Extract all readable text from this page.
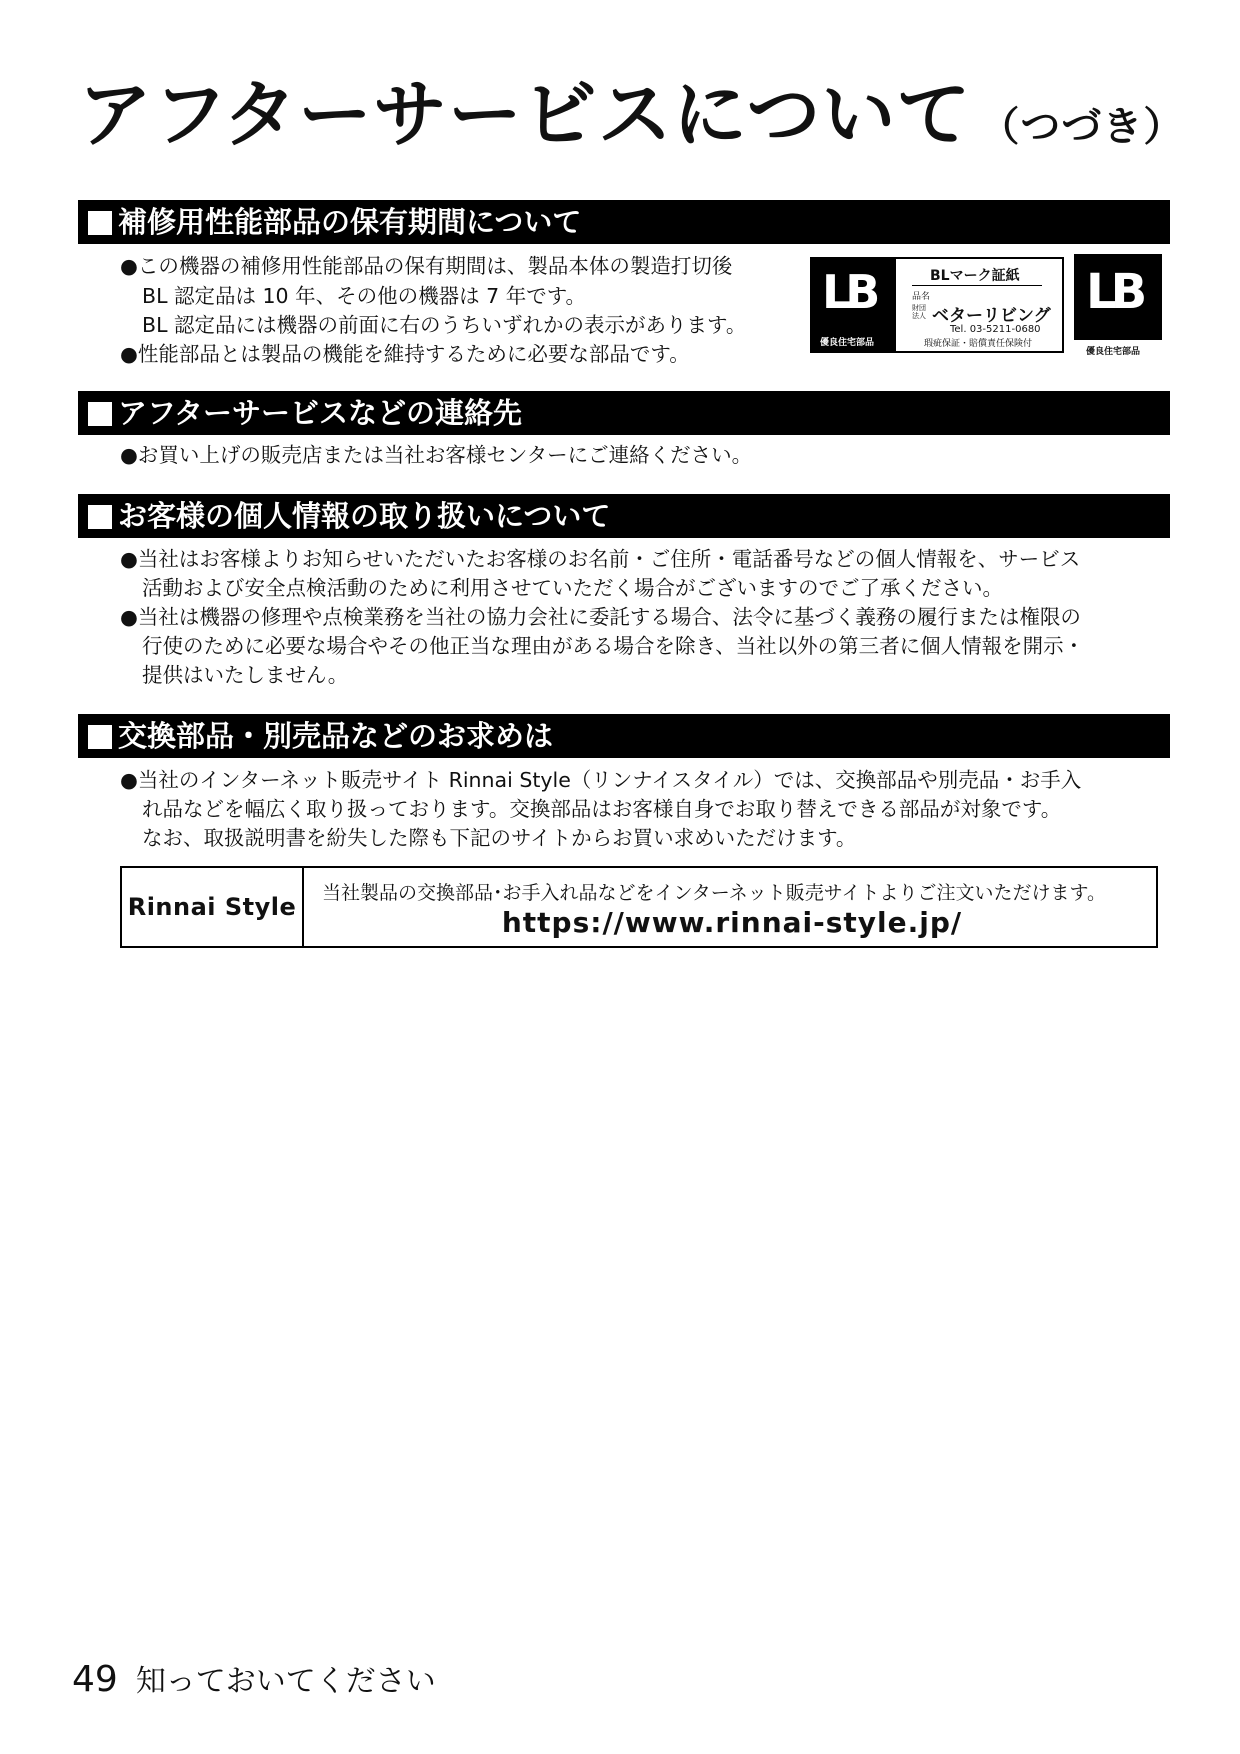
アフターサービスについて （つづき）
補修用性能部品の保有期間について
●この機器の補修用性能部品の保有期間は、製品本体の製造打切後
BL 認定品は 10 年、その他の機器は 7 年です。
BL 認定品には機器の前面に右のうちいずれかの表示があります。
●性能部品とは製品の機能を維持するために必要な部品です。
LB
優良住宅部品
BLマーク証紙
品名
財団法人 ベターリビング
Tel. 03-5211-0680
瑕疵保証・賠償責任保険付
LB
優良住宅部品
アフターサービスなどの連絡先
●お買い上げの販売店または当社お客様センターにご連絡ください。
お客様の個人情報の取り扱いについて
●当社はお客様よりお知らせいただいたお客様のお名前・ご住所・電話番号などの個人情報を、サービス
活動および安全点検活動のために利用させていただく場合がございますのでご了承ください。
●当社は機器の修理や点検業務を当社の協力会社に委託する場合、法令に基づく義務の履行または権限の
行使のために必要な場合やその他正当な理由がある場合を除き、当社以外の第三者に個人情報を開示・
提供はいたしません。
交換部品・別売品などのお求めは
●当社のインターネット販売サイト Rinnai Style（リンナイスタイル）では、交換部品や別売品・お手入
れ品などを幅広く取り扱っております。交換部品はお客様自身でお取り替えできる部品が対象です。
なお、取扱説明書を紛失した際も下記のサイトからお買い求めいただけます。
Rinnai Style	当社製品の交換部品･お手入れ品などをインターネット販売サイトよりご注文いただけます。
https://www.rinnai-style.jp/
49 知っておいてください
